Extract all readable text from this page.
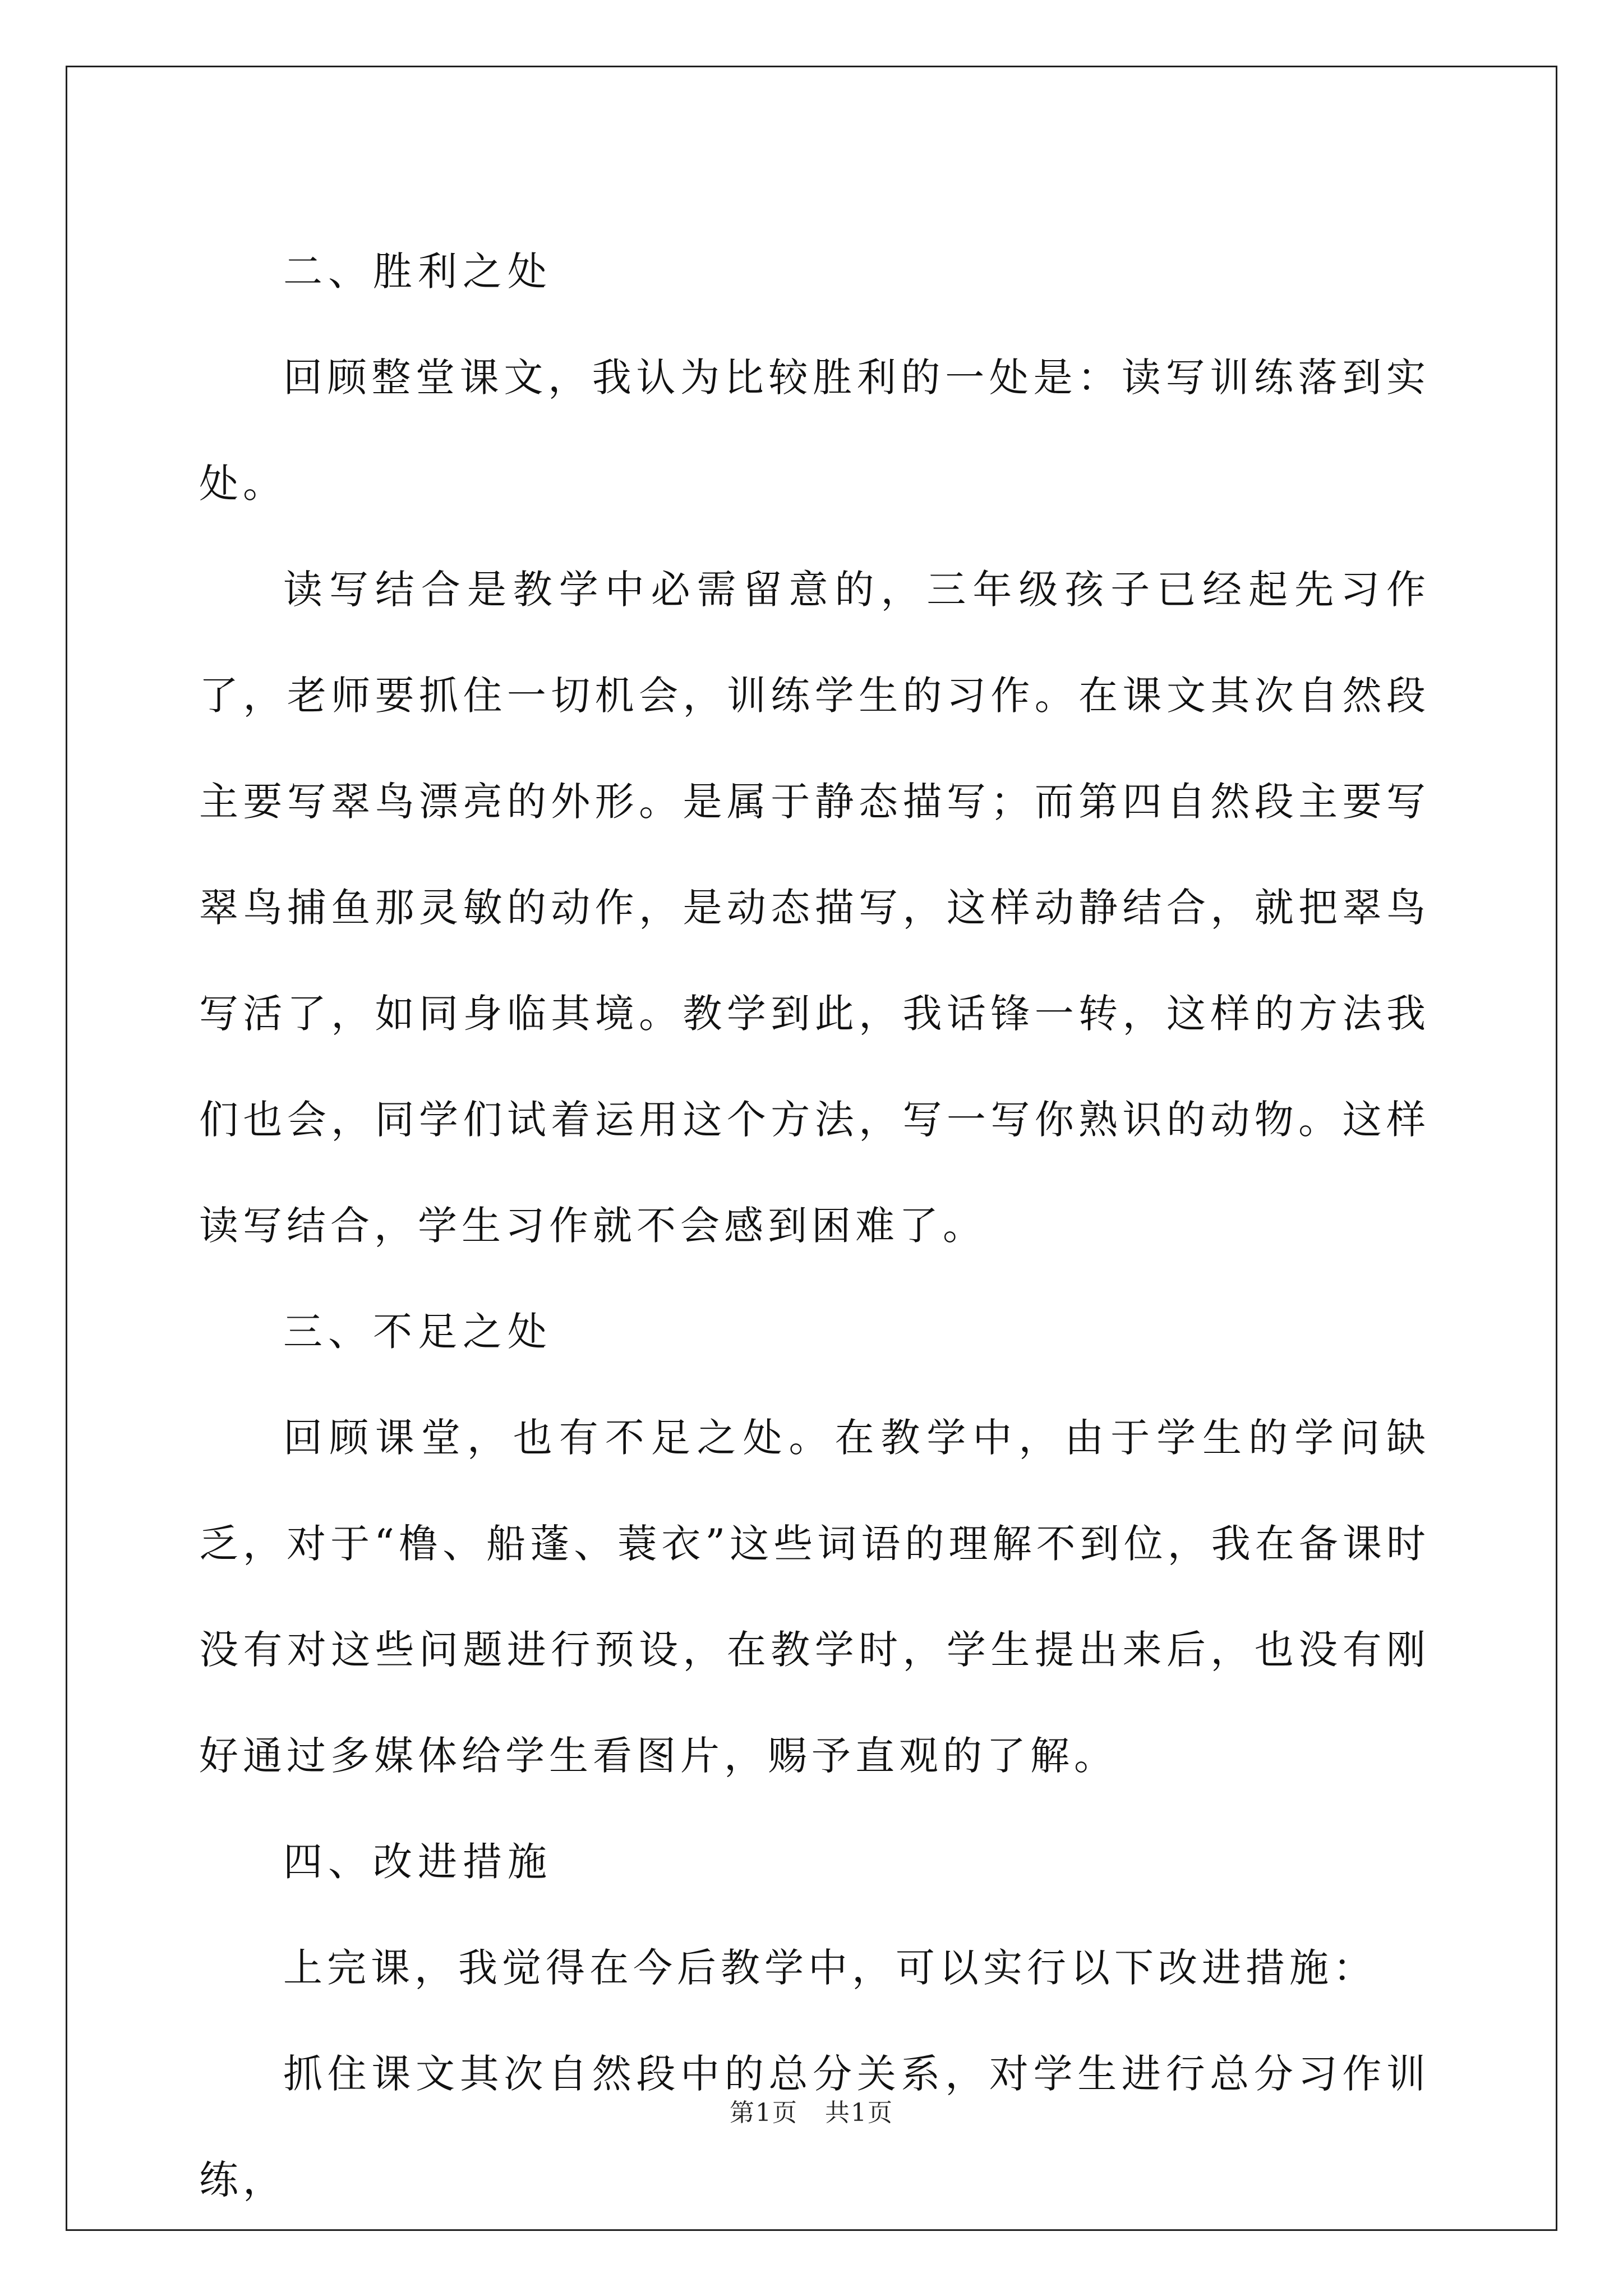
二、胜利之处

回顾整堂课文，我认为比较胜利的一处是：读写训练落到实处。

读写结合是教学中必需留意的，三年级孩子已经起先习作了，老师要抓住一切机会，训练学生的习作。在课文其次自然段主要写翠鸟漂亮的外形。是属于静态描写；而第四自然段主要写翠鸟捕鱼那灵敏的动作，是动态描写，这样动静结合，就把翠鸟写活了，如同身临其境。教学到此，我话锋一转，这样的方法我们也会，同学们试着运用这个方法，写一写你熟识的动物。这样读写结合，学生习作就不会感到困难了。

三、不足之处

回顾课堂，也有不足之处。在教学中，由于学生的学问缺乏，对于“橹、船蓬、蓑衣”这些词语的理解不到位，我在备课时没有对这些问题进行预设，在教学时，学生提出来后，也没有刚好通过多媒体给学生看图片，赐予直观的了解。

四、改进措施

上完课，我觉得在今后教学中，可以实行以下改进措施：

抓住课文其次自然段中的总分关系，对学生进行总分习作训练，

第1页   共1页
